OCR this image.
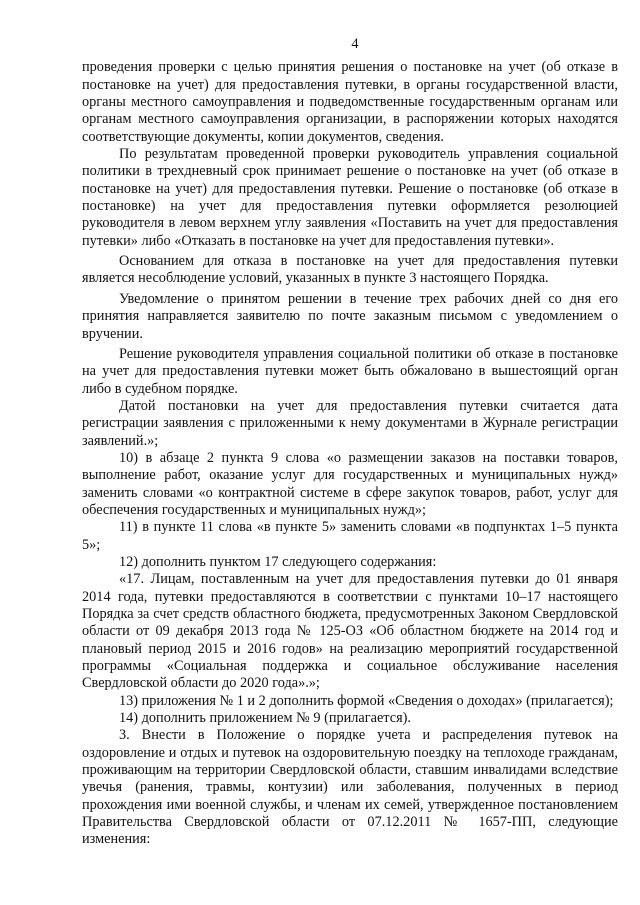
4

проведения проверки с целью принятия решения о постановке на учет (об отказе в постановке на учет) для предоставления путевки, в органы государственной власти, органы местного самоуправления и подведомственные государственным органам или органам местного самоуправления организации, в распоряжении которых находятся соответствующие документы, копии документов, сведения.

По результатам проведенной проверки руководитель управления социальной политики в трехдневный срок принимает решение о постановке на учет (об отказе в постановке на учет) для предоставления путевки. Решение о постановке (об отказе в постановке) на учет для предоставления путевки оформляется резолюцией руководителя в левом верхнем углу заявления «Поставить на учет для предоставления путевки» либо «Отказать в постановке на учет для предоставления путевки».

Основанием для отказа в постановке на учет для предоставления путевки является несоблюдение условий, указанных в пункте 3 настоящего Порядка.

Уведомление о принятом решении в течение трех рабочих дней со дня его принятия направляется заявителю по почте заказным письмом с уведомлением о вручении.

Решение руководителя управления социальной политики об отказе в постановке на учет для предоставления путевки может быть обжаловано в вышестоящий орган либо в судебном порядке.

Датой постановки на учет для предоставления путевки считается дата регистрации заявления с приложенными к нему документами в Журнале регистрации заявлений.»;

10) в абзаце 2 пункта 9 слова «о размещении заказов на поставки товаров, выполнение работ, оказание услуг для государственных и муниципальных нужд» заменить словами «о контрактной системе в сфере закупок товаров, работ, услуг для обеспечения государственных и муниципальных нужд»;

11) в пункте 11 слова «в пункте 5» заменить словами «в подпунктах 1–5 пункта 5»;

12) дополнить пунктом 17 следующего содержания:

«17. Лицам, поставленным на учет для предоставления путевки до 01 января 2014 года, путевки предоставляются в соответствии с пунктами 10–17 настоящего Порядка за счет средств областного бюджета, предусмотренных Законом Свердловской области от 09 декабря 2013 года № 125-ОЗ «Об областном бюджете на 2014 год и плановый период 2015 и 2016 годов» на реализацию мероприятий государственной программы «Социальная поддержка и социальное обслуживание населения Свердловской области до 2020 года».»;

13) приложения № 1 и 2 дополнить формой «Сведения о доходах» (прилагается);

14) дополнить приложением № 9 (прилагается).

3. Внести в Положение о порядке учета и распределения путевок на оздоровление и отдых и путевок на оздоровительную поездку на теплоходе гражданам, проживающим на территории Свердловской области, ставшим инвалидами вследствие увечья (ранения, травмы, контузии) или заболевания, полученных в период прохождения ими военной службы, и членам их семей, утвержденное постановлением Правительства Свердловской области от 07.12.2011 № 1657-ПП, следующие изменения:
